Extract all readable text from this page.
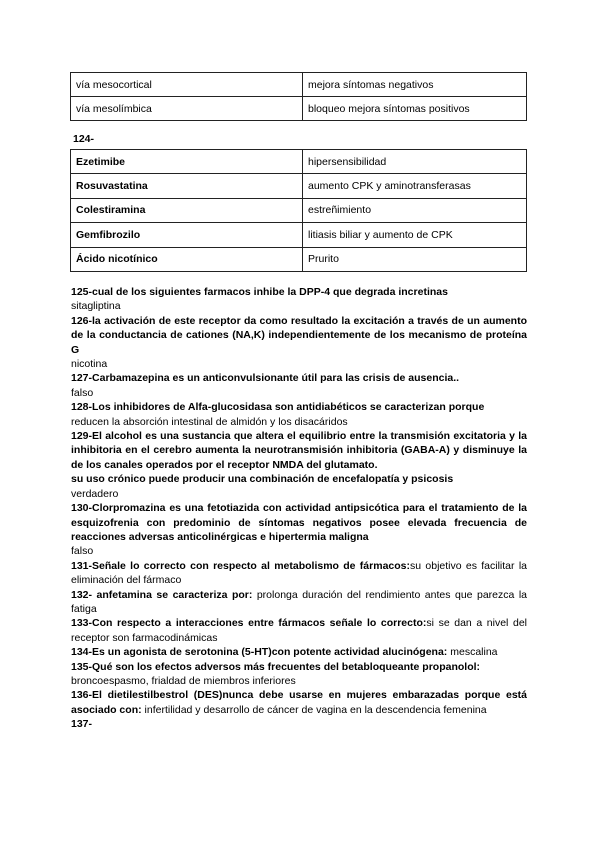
vía mesocortical	mejora síntomas negativos
vía mesolímbica	bloqueo mejora síntomas positivos
124-
Ezetimibe	hipersensibilidad
Rosuvastatina	aumento CPK y aminotransferasas
Colestiramina	estreñimiento
Gemfibrozilo	litiasis biliar y aumento de CPK
Ácido nicotínico	Prurito

125-cual de los siguientes farmacos inhibe la DPP-4 que degrada incretinas

sitagliptina

126-la activación de este receptor da como resultado la excitación a través de un aumento de la conductancia de cationes (NA,K) independientemente de los mecanismo de proteína G

nicotina

127-Carbamazepina es un anticonvulsionante útil para las crisis de ausencia..

falso

128-Los inhibidores de Alfa-glucosidasa son antidiabéticos se caracterizan porque

reducen la absorción intestinal de almidón y los disacáridos

129-El alcohol es una sustancia que altera el equilibrio entre la transmisión excitatoria y la inhibitoria en el cerebro aumenta la neurotransmisión inhibitoria (GABA-A) y disminuye la de los canales operados por el receptor NMDA del glutamato.

su uso crónico puede producir una combinación de encefalopatía y psicosis

verdadero

130-Clorpromazina es una fetotiazida con actividad antipsicótica para el tratamiento de la esquizofrenia con predominio de síntomas negativos posee elevada frecuencia de reacciones adversas anticolinérgicas e hipertermia maligna

falso

131-Señale lo correcto con respecto al metabolismo de fármacos:su objetivo es facilitar la eliminación del fármaco

132- anfetamina se caracteriza por: prolonga duración del rendimiento antes que parezca la fatiga

133-Con respecto a interacciones entre fármacos señale lo correcto:si se dan a nivel del receptor son farmacodinámicas

134-Es un agonista de serotonina (5-HT)con potente actividad alucinógena: mescalina

135-Qué son los efectos adversos más frecuentes del betabloqueante propanolol:

broncoespasmo, frialdad de miembros inferiores

136-El dietilestilbestrol (DES)nunca debe usarse en mujeres embarazadas porque está asociado con: infertilidad y desarrollo de cáncer de vagina en la descendencia femenina

137-
